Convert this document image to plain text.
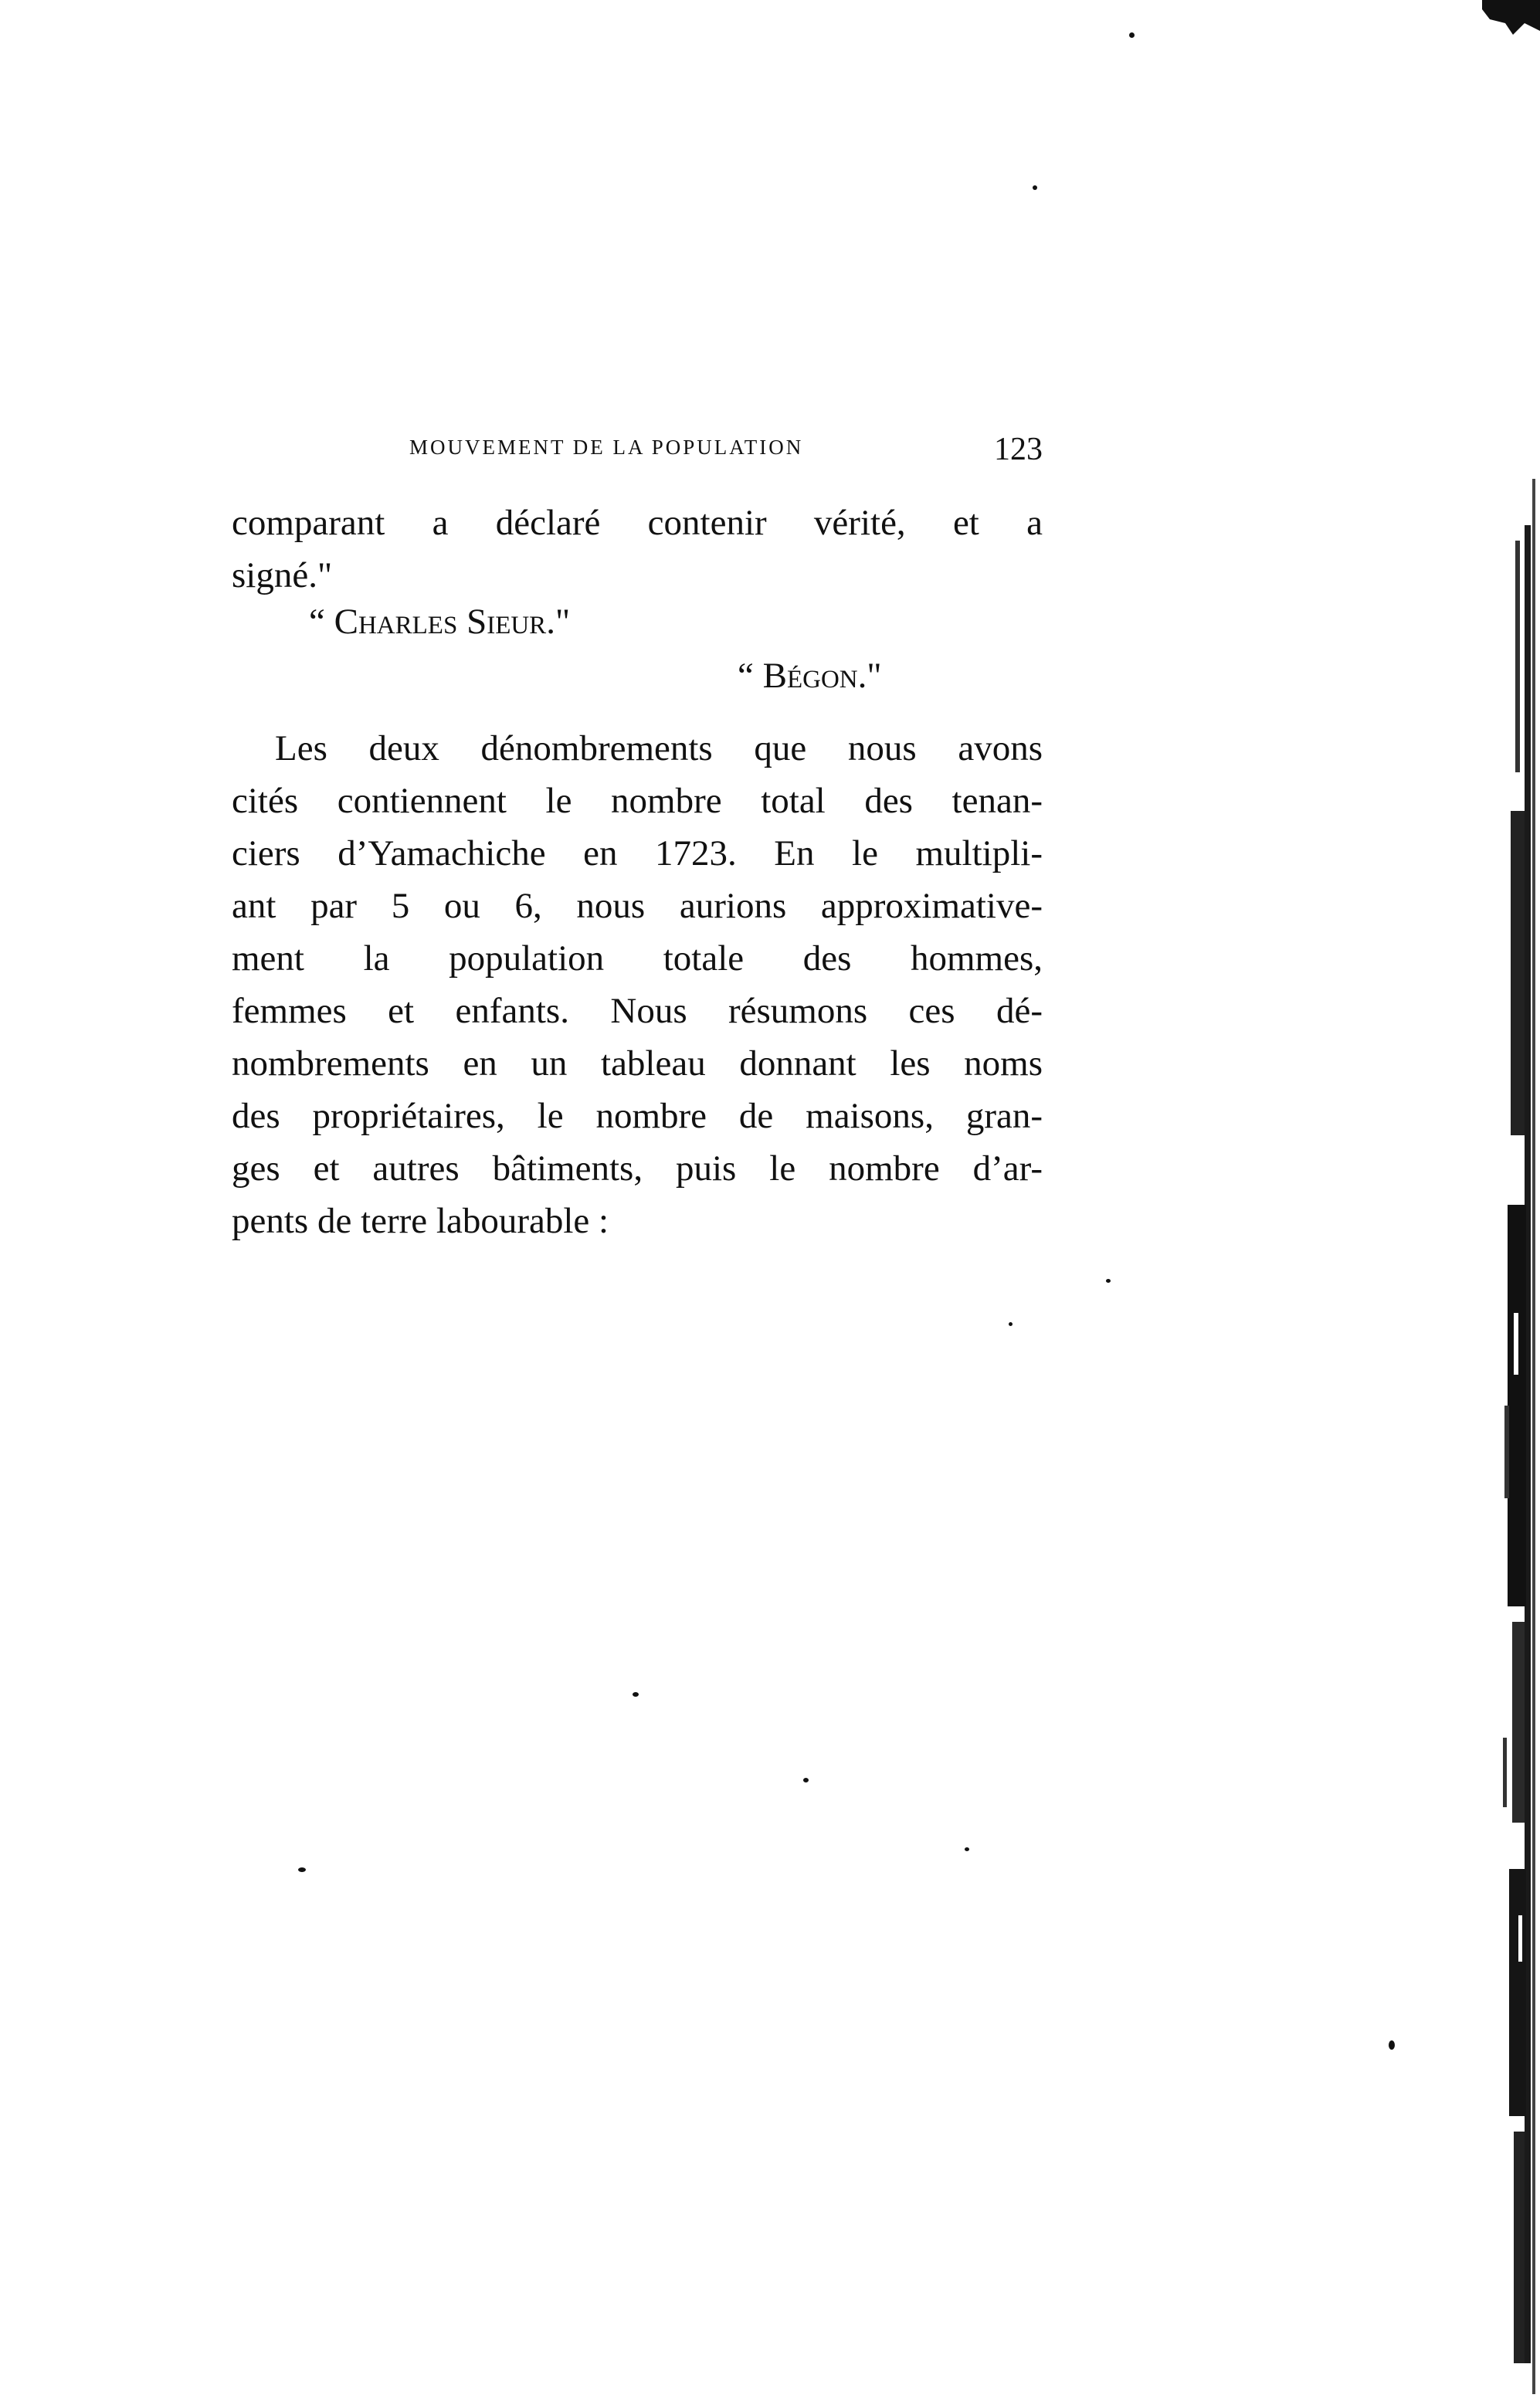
MOUVEMENT DE LA POPULATION	123
comparant a déclaré contenir vérité, et a
signé."
“ Charles Sieur."
“ Bégon."
Les deux dénombrements que nous avons
cités contiennent le nombre total des tenan-
ciers d’Yamachiche en 1723. En le multipli-
ant par 5 ou 6, nous aurions approximative-
ment la population totale des hommes,
femmes et enfants. Nous résumons ces dé-
nombrements en un tableau donnant les noms
des propriétaires, le nombre de maisons, gran-
ges et autres bâtiments, puis le nombre d’ar-
pents de terre labourable :
